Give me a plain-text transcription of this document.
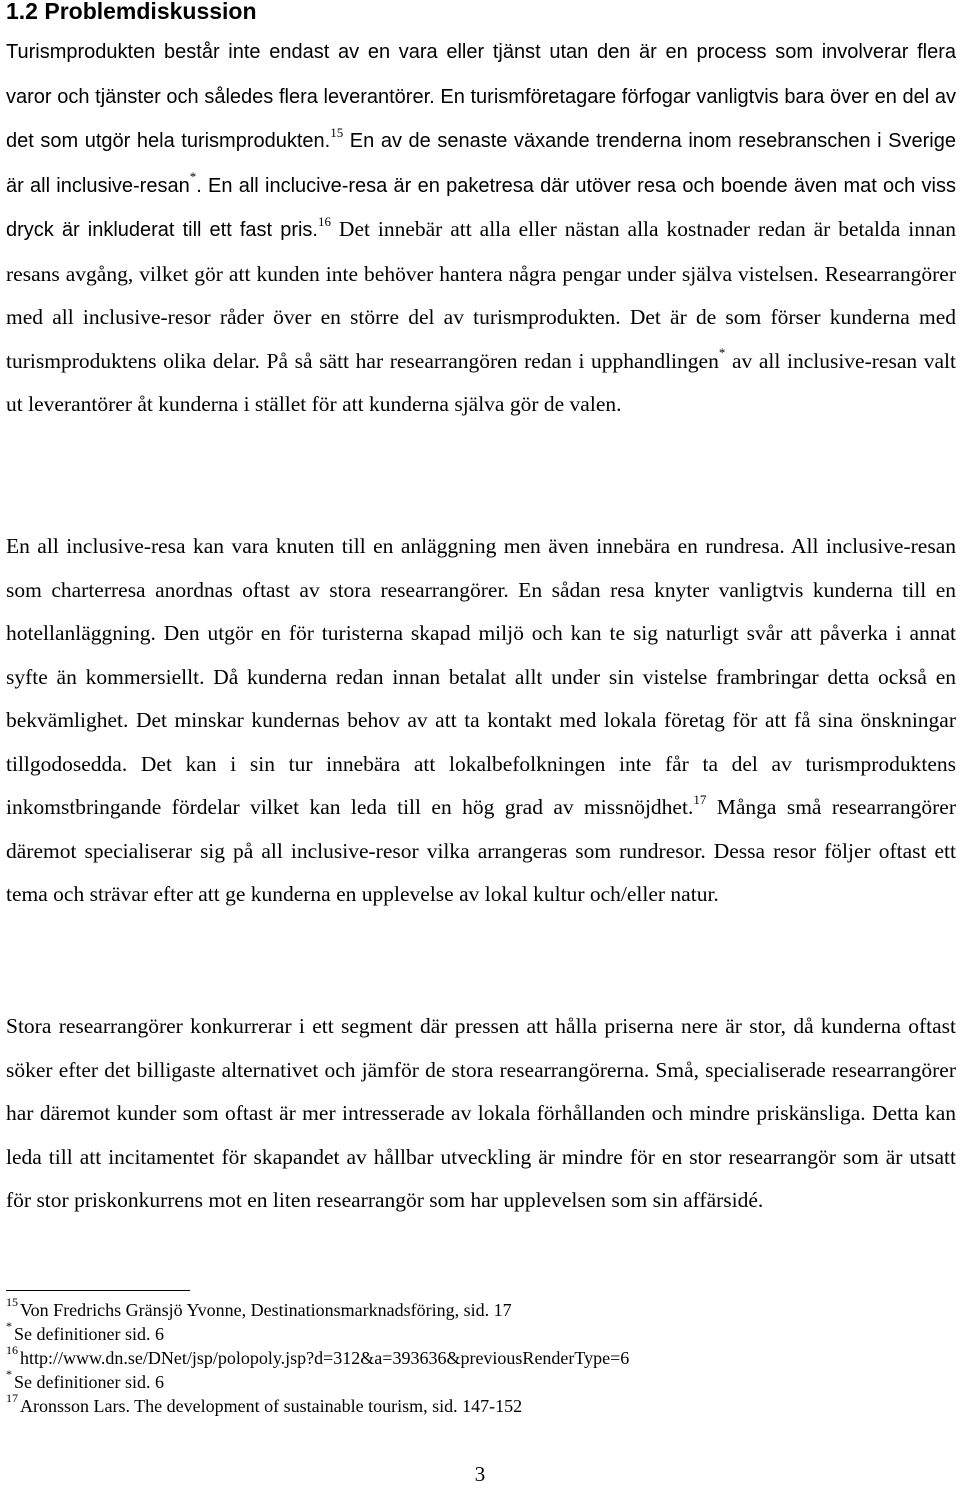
1.2 Problemdiskussion

Turismprodukten består inte endast av en vara eller tjänst utan den är en process som involverar flera varor och tjänster och således flera leverantörer. En turismföretagare förfogar vanligtvis bara över en del av det som utgör hela turismprodukten.$^{15}$ En av de senaste växande trenderna inom resebranschen i Sverige är all inclusive-resan*. En all inclucive-resa är en paketresa där utöver resa och boende även mat och viss dryck är inkluderat till ett fast pris.$^{16}$ Det innebär att alla eller nästan alla kostnader redan är betalda innan resans avgång, vilket gör att kunden inte behöver hantera några pengar under själva vistelsen. Researrangörer med all inclusive-resor råder över en större del av turismprodukten. Det är de som förser kunderna med turismproduktens olika delar. På så sätt har researrangören redan i upphandlingen* av all inclusive-resan valt ut leverantörer åt kunderna i stället för att kunderna själva gör de valen.

En all inclusive-resa kan vara knuten till en anläggning men även innebära en rundresa. All inclusive-resan som charterresa anordnas oftast av stora researrangörer. En sådan resa knyter vanligtvis kunderna till en hotellanläggning. Den utgör en för turisterna skapad miljö och kan te sig naturligt svår att påverka i annat syfte än kommersiellt. Då kunderna redan innan betalat allt under sin vistelse frambringar detta också en bekvämlighet. Det minskar kundernas behov av att ta kontakt med lokala företag för att få sina önskningar tillgodosedda. Det kan i sin tur innebära att lokalbefolkningen inte får ta del av turismproduktens inkomstbringande fördelar vilket kan leda till en hög grad av missnöjdhet.$^{17}$ Många små researrangörer däremot specialiserar sig på all inclusive-resor vilka arrangeras som rundresor. Dessa resor följer oftast ett tema och strävar efter att ge kunderna en upplevelse av lokal kultur och/eller natur.

Stora researrangörer konkurrerar i ett segment där pressen att hålla priserna nere är stor, då kunderna oftast söker efter det billigaste alternativet och jämför de stora researrangörerna. Små, specialiserade researrangörer har däremot kunder som oftast är mer intresserade av lokala förhållanden och mindre priskänsliga. Detta kan leda till att incitamentet för skapandet av hållbar utveckling är mindre för en stor researrangör som är utsatt för stor priskonkurrens mot en liten researrangör som har upplevelsen som sin affärsidé.

$^{15}$ Von Fredrichs Gränsjö Yvonne, Destinationsmarknadsföring, sid. 17
* Se definitioner sid. 6
$^{16}$ http://www.dn.se/DNet/jsp/polopoly.jsp?d=312&a=393636&previousRenderType=6
* Se definitioner sid. 6
$^{17}$ Aronsson Lars. The development of sustainable tourism, sid. 147-152
3
